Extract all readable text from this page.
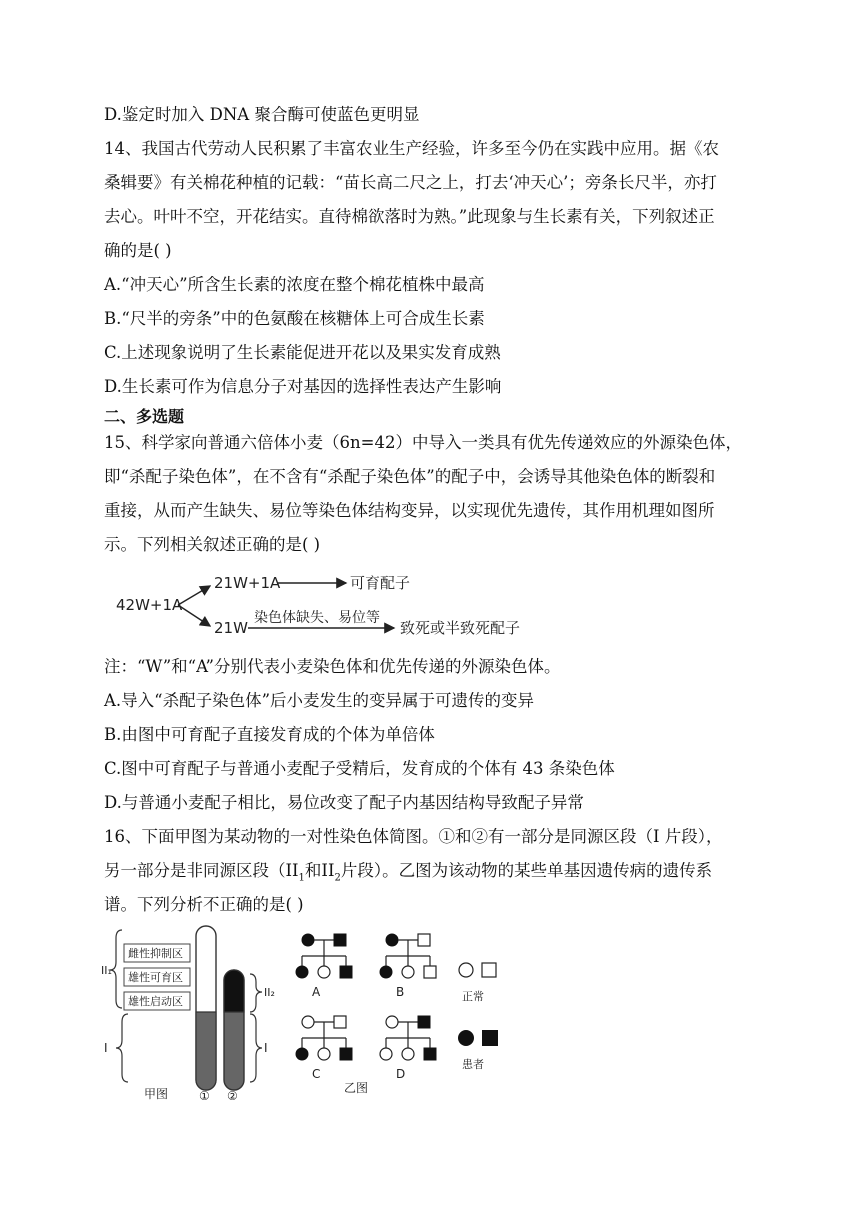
D.鉴定时加入 DNA 聚合酶可使蓝色更明显
14、我国古代劳动人民积累了丰富农业生产经验，许多至今仍在实践中应用。据《农
桑辑要》有关棉花种植的记载：“苗长高二尺之上，打去‘冲天心’；旁条长尺半，亦打
去心。叶叶不空，开花结实。直待棉欲落时为熟。”此现象与生长素有关，下列叙述正
确的是( )
A.“冲天心”所含生长素的浓度在整个棉花植株中最高
B.“尺半的旁条”中的色氨酸在核糖体上可合成生长素
C.上述现象说明了生长素能促进开花以及果实发育成熟
D.生长素可作为信息分子对基因的选择性表达产生影响
二、多选题
15、科学家向普通六倍体小麦（6n=42）中导入一类具有优先传递效应的外源染色体，
即“杀配子染色体”，在不含有“杀配子染色体”的配子中，会诱导其他染色体的断裂和
重接，从而产生缺失、易位等染色体结构变异，以实现优先遗传，其作用机理如图所
示。下列相关叙述正确的是( )
42W+1A
21W+1A	可育配子
21W
染色体缺失、易位等
致死或半致死配子
注：“W”和“A”分别代表小麦染色体和优先传递的外源染色体。
A.导入“杀配子染色体”后小麦发生的变异属于可遗传的变异
B.由图中可育配子直接发育成的个体为单倍体
C.图中可育配子与普通小麦配子受精后，发育成的个体有 43 条染色体
D.与普通小麦配子相比，易位改变了配子内基因结构导致配子异常
16、下面甲图为某动物的一对性染色体简图。①和②有一部分是同源区段（I 片段），
另一部分是非同源区段（$II_1$和$II_2$片段）。乙图为该动物的某些单基因遗传病的遗传系
谱。下列分析不正确的是( )
雌性抑制区
雄性可育区
雄性启动区
II₁
I
II₂
I
① ②
甲图
A	B
C	D
正常
患者
乙图
